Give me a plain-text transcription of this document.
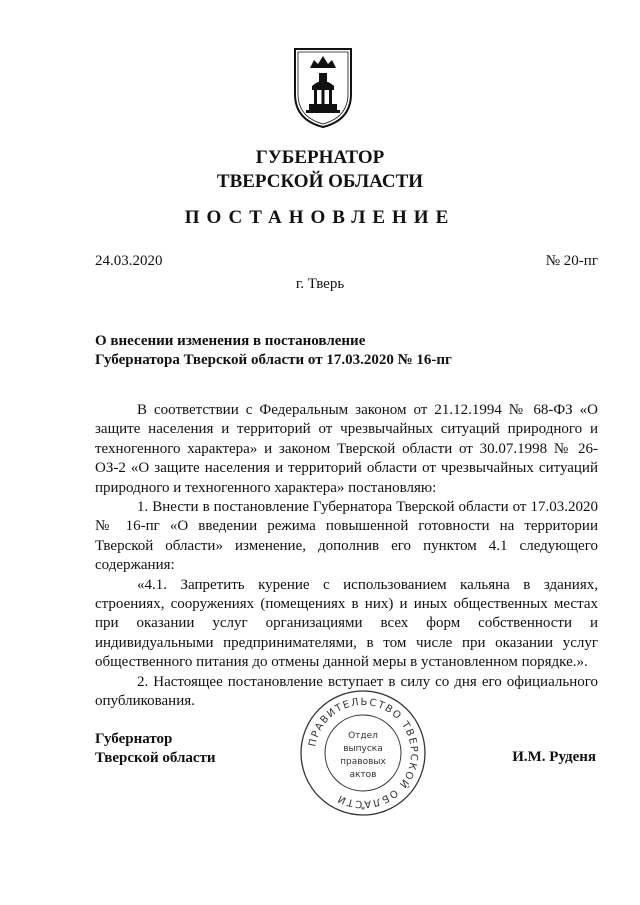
ГУБЕРНАТОР
ТВЕРСКОЙ ОБЛАСТИ
ПОСТАНОВЛЕНИЕ
24.03.2020	№ 20-пг
г. Тверь
О внесении изменения в постановление
Губернатора Тверской области от 17.03.2020 № 16-пг

В соответствии с Федеральным законом от 21.12.1994 № 68-ФЗ «О защите населения и территорий от чрезвычайных ситуаций природного и техногенного характера» и законом Тверской области от 30.07.1998 № 26-ОЗ-2 «О защите населения и территорий области от чрезвычайных ситуаций природного и техногенного характера» постановляю:

1. Внести в постановление Губернатора Тверской области от 17.03.2020 № 16-пг «О введении режима повышенной готовности на территории Тверской области» изменение, дополнив его пунктом 4.1 следующего содержания:

«4.1. Запретить курение с использованием кальяна в зданиях, строениях, сооружениях (помещениях в них) и иных общественных местах при оказании услуг организациями всех форм собственности и индивидуальными предпринимателями, в том числе при оказании услуг общественного питания до отмены данной меры в установленном порядке.».

2. Настоящее постановление вступает в силу со дня его официального опубликования.

Губернатор
Тверской области	И.М. Руденя
ПРАВИТЕЛЬСТВО ТВЕРСКОЙ ОБЛАСТИ
Отдел
выпуска
правовых
актов
*
